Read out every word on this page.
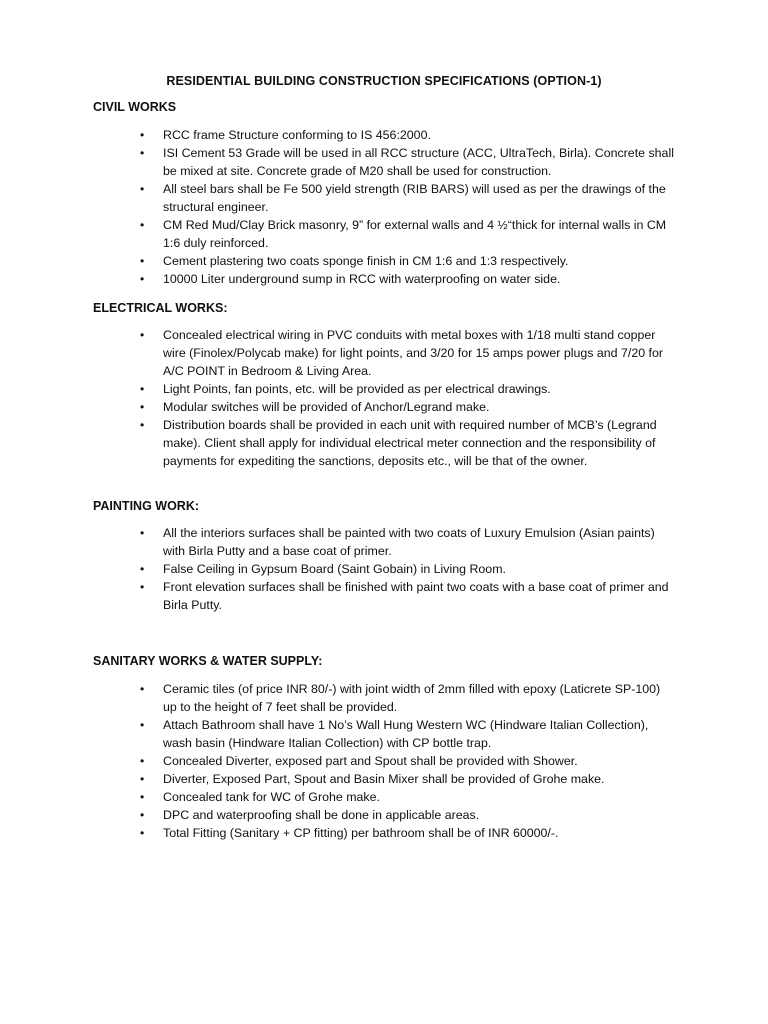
RESIDENTIAL BUILDING CONSTRUCTION SPECIFICATIONS (OPTION-1)
CIVIL WORKS
• RCC frame Structure conforming to IS 456:2000.
• ISI Cement 53 Grade will be used in all RCC structure (ACC, UltraTech, Birla). Concrete shall be mixed at site. Concrete grade of M20 shall be used for construction.
• All steel bars shall be Fe 500 yield strength (RIB BARS) will used as per the drawings of the structural engineer.
• CM Red Mud/Clay Brick masonry, 9” for external walls and 4 ½“thick for internal walls in CM 1:6 duly reinforced.
• Cement plastering two coats sponge finish in CM 1:6 and 1:3 respectively.
• 10000 Liter underground sump in RCC with waterproofing on water side.
ELECTRICAL WORKS:
• Concealed electrical wiring in PVC conduits with metal boxes with 1/18 multi stand copper wire (Finolex/Polycab make) for light points, and 3/20 for 15 amps power plugs and 7/20 for A/C POINT in Bedroom & Living Area.
• Light Points, fan points, etc. will be provided as per electrical drawings.
• Modular switches will be provided of Anchor/Legrand make.
• Distribution boards shall be provided in each unit with required number of MCB’s (Legrand make). Client shall apply for individual electrical meter connection and the responsibility of payments for expediting the sanctions, deposits etc., will be that of the owner.
PAINTING WORK:
• All the interiors surfaces shall be painted with two coats of Luxury Emulsion (Asian paints) with Birla Putty and a base coat of primer.
• False Ceiling in Gypsum Board (Saint Gobain) in Living Room.
• Front elevation surfaces shall be finished with paint two coats with a base coat of primer and Birla Putty.
SANITARY WORKS & WATER SUPPLY:
• Ceramic tiles (of price INR 80/-) with joint width of 2mm filled with epoxy (Laticrete SP-100) up to the height of 7 feet shall be provided.
• Attach Bathroom shall have 1 No’s Wall Hung Western WC (Hindware Italian Collection), wash basin (Hindware Italian Collection) with CP bottle trap.
• Concealed Diverter, exposed part and Spout shall be provided with Shower.
• Diverter, Exposed Part, Spout and Basin Mixer shall be provided of Grohe make.
• Concealed tank for WC of Grohe make.
• DPC and waterproofing shall be done in applicable areas.
• Total Fitting (Sanitary + CP fitting) per bathroom shall be of INR 60000/-.
